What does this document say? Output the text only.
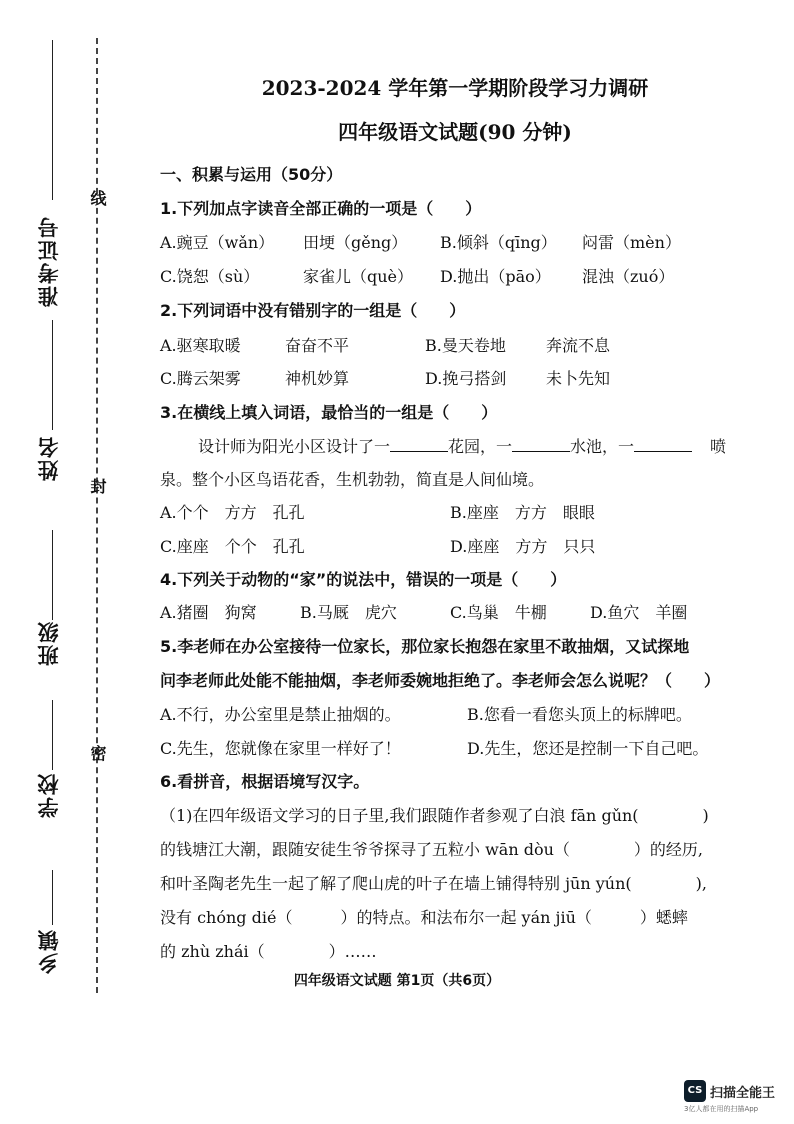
准考证号
姓名
班级
学校
乡镇
线
封
密
2023-2024 学年第一学期阶段学习力调研
四年级语文试题(90 分钟)
一、积累与运用（50分）
1.下列加点字读音全部正确的一项是（　　）
A.豌豆（wǎn） 田埂（gěng） B.倾斜（qīng） 闷雷（mèn）
C.饶恕（sù）	家雀儿（què） D.抛出（pāo） 混浊（zuó）
2.下列词语中没有错别字的一组是（　　）
A.驱寒取暖	奋奋不平	B.曼天卷地	奔流不息
C.腾云架雾	神机妙算	D.挽弓搭剑 未卜先知
3.在横线上填入词语，最恰当的一组是（　　）
设计师为阳光小区设计了一	花园，一	水池，一	喷
泉。整个小区鸟语花香，生机勃勃，简直是人间仙境。
A.个个　方方　孔孔	B.座座　方方　眼眼
C.座座　个个　孔孔	D.座座　方方　只只
4.下列关于动物的“家”的说法中，错误的一项是（　　）
A.猪圈　狗窝	B.马厩　虎穴	C.鸟巢　牛棚	D.鱼穴　羊圈
5.李老师在办公室接待一位家长，那位家长抱怨在家里不敢抽烟，又试探地
问李老师此处能不能抽烟，李老师委婉地拒绝了。李老师会怎么说呢？（　　）
A.不行，办公室里是禁止抽烟的。	B.您看一看您头顶上的标牌吧。
C.先生，您就像在家里一样好了！	D.先生，您还是控制一下自己吧。
6.看拼音，根据语境写汉字。
（1)在四年级语文学习的日子里,我们跟随作者参观了白浪 fān gǔn(　　　　)
的钱塘江大潮，跟随安徒生爷爷探寻了五粒小 wān dòu（　　　　）的经历,
和叶圣陶老先生一起了解了爬山虎的叶子在墙上铺得特别 jūn yún(　　　　),
没有 chóng dié（　　　）的特点。和法布尔一起 yán jiū（　　　）蟋蟀
的 zhù zhái（　　　　）……
四年级语文试题 第1页（共6页）
CS 扫描全能王
3亿人都在用的扫描App
